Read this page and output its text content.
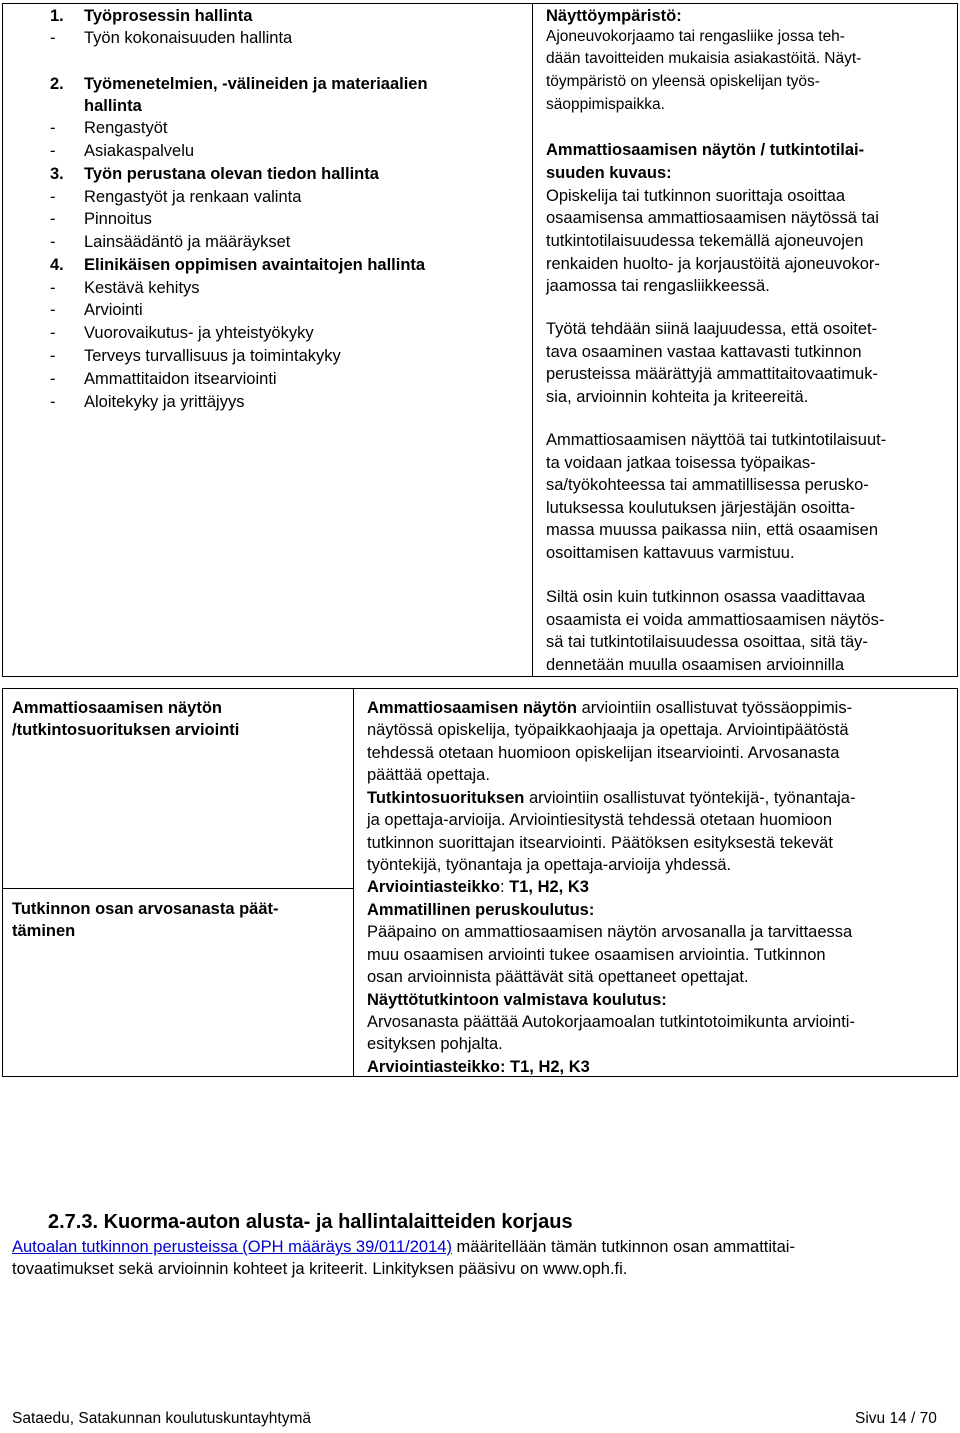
1. Työprosessin hallinta
- Työn kokonaisuuden hallinta
2. Työmenetelmien, -välineiden ja materiaalien
hallinta
- Rengastyöt
- Asiakaspalvelu
3. Työn perustana olevan tiedon hallinta
- Rengastyöt ja renkaan valinta
- Pinnoitus
- Lainsäädäntö ja määräykset
4. Elinikäisen oppimisen avaintaitojen hallinta
- Kestävä kehitys
- Arviointi
- Vuorovaikutus- ja yhteistyökyky
- Terveys turvallisuus ja toimintakyky
- Ammattitaidon itsearviointi
- Aloitekyky ja yrittäjyys
Näyttöympäristö:
Ajoneuvokorjaamo tai rengasliike jossa teh-
dään tavoitteiden mukaisia asiakastöitä. Näyt-
töympäristö on yleensä opiskelijan työs-
säoppimispaikka.
Ammattiosaamisen näytön / tutkintotilai-
suuden kuvaus:
Opiskelija tai tutkinnon suorittaja osoittaa
osaamisensa ammattiosaamisen näytössä tai
tutkintotilaisuudessa tekemällä ajoneuvojen
renkaiden huolto- ja korjaustöitä ajoneuvokor-
jaamossa tai rengasliikkeessä.
Työtä tehdään siinä laajuudessa, että osoitet-
tava osaaminen vastaa kattavasti tutkinnon
perusteissa määrättyjä ammattitaitovaatimuk-
sia, arvioinnin kohteita ja kriteereitä.
Ammattiosaamisen näyttöä tai tutkintotilaisuut-
ta voidaan jatkaa toisessa työpaikas-
sa/työkohteessa tai ammatillisessa perusko-
lutuksessa koulutuksen järjestäjän osoitta-
massa muussa paikassa niin, että osaamisen
osoittamisen kattavuus varmistuu.
Siltä osin kuin tutkinnon osassa vaadittavaa
osaamista ei voida ammattiosaamisen näytös-
sä tai tutkintotilaisuudessa osoittaa, sitä täy-
dennetään muulla osaamisen arvioinnilla
Ammattiosaamisen näytön
/tutkintosuorituksen arviointi
Tutkinnon osan arvosanasta päät-
täminen
Ammattiosaamisen näytön arviointiin osallistuvat työssäoppimis-
näytössä opiskelija, työpaikkaohjaaja ja opettaja. Arviointipäätöstä
tehdessä otetaan huomioon opiskelijan itsearviointi. Arvosanasta
päättää opettaja.
Tutkintosuorituksen arviointiin osallistuvat työntekijä-, työnantaja-
ja opettaja-arvioija. Arviointiesitystä tehdessä otetaan huomioon
tutkinnon suorittajan itsearviointi. Päätöksen esityksestä tekevät
työntekijä, työnantaja ja opettaja-arvioija yhdessä.
Arviointiasteikko: T1, H2, K3
Ammatillinen peruskoulutus:
Pääpaino on ammattiosaamisen näytön arvosanalla ja tarvittaessa
muu osaamisen arviointi tukee osaamisen arviointia. Tutkinnon
osan arvioinnista päättävät sitä opettaneet opettajat.
Näyttötutkintoon valmistava koulutus:
Arvosanasta päättää Autokorjaamoalan tutkintotoimikunta arviointi-
esityksen pohjalta.
Arviointiasteikko: T1, H2, K3
2.7.3. Kuorma-auton alusta- ja hallintalaitteiden korjaus
Autoalan tutkinnon perusteissa (OPH määräys 39/011/2014) määritellään tämän tutkinnon osan ammattitai-
tovaatimukset sekä arvioinnin kohteet ja kriteerit. Linkityksen pääsivu on www.oph.fi.
Sataedu, Satakunnan koulutuskuntayhtymä	Sivu 14 / 70
